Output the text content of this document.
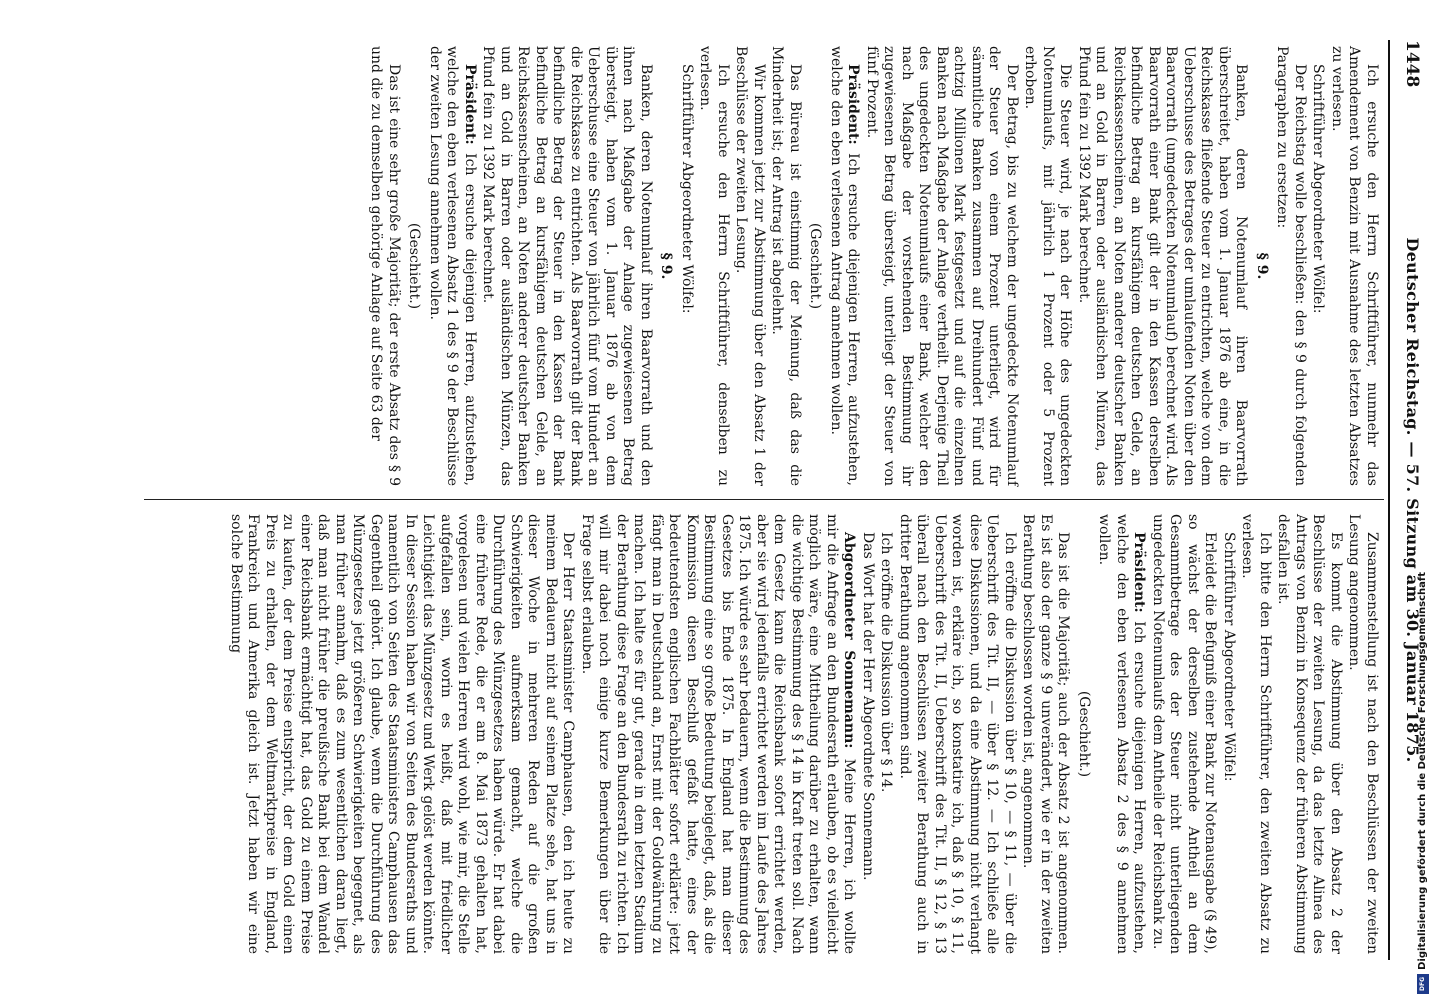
1448
Deutscher Reichstag. — 57. Sitzung am 30. Januar 1875.
Ich ersuche den Herrn Schriftführer, nunmehr das Amendement von Benzin mit Ausnahme des letzten Absatzes zu verlesen.
Schriftführer Abgeordneter Wölfel:
Der Reichstag wolle beschließen: den § 9 durch folgenden Paragraphen zu ersetzen:
§ 9.
Banken, deren Notenumlauf ihren Baarvorrath überschreitet, haben vom 1. Januar 1876 ab eine, in die Reichskasse fließende Steuer zu entrichten, welche von dem Ueberschusse des Betrages der umlaufenden Noten über den Baarvorrath (umgedeckten Notenumlauf) berechnet wird. Als Baarvorrath einer Bank gilt der in den Kassen derselben befindliche Betrag an kursfähigem deutschen Gelde, an Reichskassenscheinen, an Noten anderer deutscher Banken und an Gold in Barren oder ausländischen Münzen, das Pfund fein zu 1392 Mark berechnet.
Die Steuer wird, je nach der Höhe des ungedeckten Notenumlaufs, mit jährlich 1 Prozent oder 5 Prozent erhoben.
Der Betrag, bis zu welchem der ungedeckte Notenumlauf der Steuer von einem Prozent unterliegt, wird für sämmtliche Banken zusammen auf Dreihundert Fünf und achtzig Millionen Mark festgesetzt und auf die einzelnen Banken nach Maßgabe der Anlage vertheilt. Derjenige Theil des ungedeckten Notenumlaufs einer Bank, welcher den nach Maßgabe der vorstehenden Bestimmung ihr zugewiesenen Betrag übersteigt, unterliegt der Steuer von fünf Prozent.
Präsident: Ich ersuche diejenigen Herren, aufzustehen, welche den eben verlesenen Antrag annehmen wollen.
(Geschieht.)
Das Büreau ist einstimmig der Meinung, daß das die Minderheit ist; der Antrag ist abgelehnt.
Wir kommen jetzt zur Abstimmung über den Absatz 1 der Beschlüsse der zweiten Lesung.
Ich ersuche den Herrn Schriftführer, denselben zu verlesen.
Schriftführer Abgeordneter Wölfel:
§ 9.
Banken, deren Notenumlauf ihren Baarvorrath und den ihnen nach Maßgabe der Anlage zugewiesenen Betrag übersteigt, haben vom 1. Januar 1876 ab von dem Ueberschusse eine Steuer von jährlich fünf vom Hundert an die Reichskasse zu entrichten. Als Baarvorrath gilt der Bank befindliche Betrag der Steuer in den Kassen der Bank befindliche Betrag an kursfähigem deutschen Gelde, an Reichskassenscheinen, an Noten anderer deutscher Banken und an Gold in Barren oder ausländischen Münzen, das Pfund fein zu 1392 Mark berechnet.
Präsident: Ich ersuche diejenigen Herren, aufzustehen, welche den eben verlesenen Absatz 1 des § 9 der Beschlüsse der zweiten Lesung annehmen wollen.
(Geschieht.)
Das ist eine sehr große Majorität; der erste Absatz des § 9 und die zu demselben gehörige Anlage auf Seite 63 der
Zusammenstellung ist nach den Beschlüssen der zweiten Lesung angenommen.
Es kommt die Abstimmung über den Absatz 2 der Beschlüsse der zweiten Lesung, da das letzte Alinea des Antrags von Benzin in Konsequenz der früheren Abstimmung desfallen ist.
Ich bitte den Herrn Schriftführer, den zweiten Absatz zu verlesen.
Schriftführer Abgeordneter Wölfel:
Erleidet die Befugniß einer Bank zur Notenausgabe (§ 49), so wächst der derselben zustehende Antheil an dem Gesammtbetrage des der Steuer nicht unterliegenden ungedeckten Notenumlaufs dem Antheile der Reichsbank zu.
Präsident: Ich ersuche diejenigen Herren, aufzustehen, welche den eben verlesenen Absatz 2 des § 9 annehmen wollen.
(Geschieht.)
Das ist die Majorität; auch der Absatz 2 ist angenommen. Es ist also der ganze § 9 unverändert, wie er in der zweiten Berathung beschlossen worden ist, angenommen.
Ich eröffne die Diskussion über § 10, — § 11, — über die Ueberschrift des Tit. II, — über § 12. — Ich schließe alle diese Diskussionen, und da eine Abstimmung nicht verlangt worden ist, erkläre ich, so konstatire ich, daß § 10, § 11, Ueberschrift des Tit. II, Ueberschrift des Tit. II, § 12, § 13 überall nach den Beschlüssen zweiter Berathung auch in dritter Berathung angenommen sind.
Ich eröffne die Diskussion über § 14.
Das Wort hat der Herr Abgeordnete Sonnemann.
Abgeordneter Sonnemann: Meine Herren, ich wollte mir die Anfrage an den Bundesrath erlauben, ob es vielleicht möglich wäre, eine Mittheilung darüber zu erhalten, wann die wichtige Bestimmung des § 14 in Kraft treten soll. Nach dem Gesetz kann die Reichsbank sofort errichtet werden, aber sie wird jedenfalls errichtet werden im Laufe des Jahres 1875. Ich würde es sehr bedauern, wenn die Bestimmung des Gesetzes bis Ende 1875. In England hat man dieser Bestimmung eine so große Bedeutung beigelegt, daß, als die Kommission diesen Beschluß gefaßt hatte, eines der bedeutendsten englischen Fachblätter sofort erklärte: jetzt fängt man in Deutschland an, Ernst mit der Goldwährung zu machen. Ich halte es für gut, gerade in dem letzten Stadium der Berathung diese Frage an den Bundesrath zu richten. Ich will mir dabei noch einige kurze Bemerkungen über die Frage selbst erlauben.
Der Herr Staatsminister Camphausen, den ich heute zu meinem Bedauern nicht auf seinem Platze sehe, hat uns in dieser Woche in mehreren Reden auf die großen Schwierigkeiten aufmerksam gemacht, welche die Durchführung des Münzgesetzes haben würde. Er hat dabei eine frühere Rede, die er am 8. Mai 1873 gehalten hat, vorgelesen und vielen Herren wird wohl, wie mir, die Stelle aufgefallen sein, worin es heißt, daß mit friedlicher Leichtigkeit das Münzgesetz und Werk gelöst werden könnte. In dieser Session haben wir von Seiten des Bundesraths und namentlich von Seiten des Staatsministers Camphausen das Gegentheil gehört. Ich glaube, wenn die Durchführung des Münzgesetzes jetzt größeren Schwierigkeiten begegnet, als man früher annahm, daß es zum wesentlichen daran liegt, daß man nicht früher die preußische Bank bei dem Wandel einer Reichsbank ermächtigt hat, das Gold zu einem Preise zu kaufen, der dem Preise entspricht, der dem Gold einen Preis zu erhalten, der dem Weltmarktpreise in England, Frankreich und Amerika gleich ist. Jetzt haben wir eine solche Bestimmung	Digitalisierung gefördert durch die Deutsche Forschungsgemeinschaft
DFG
